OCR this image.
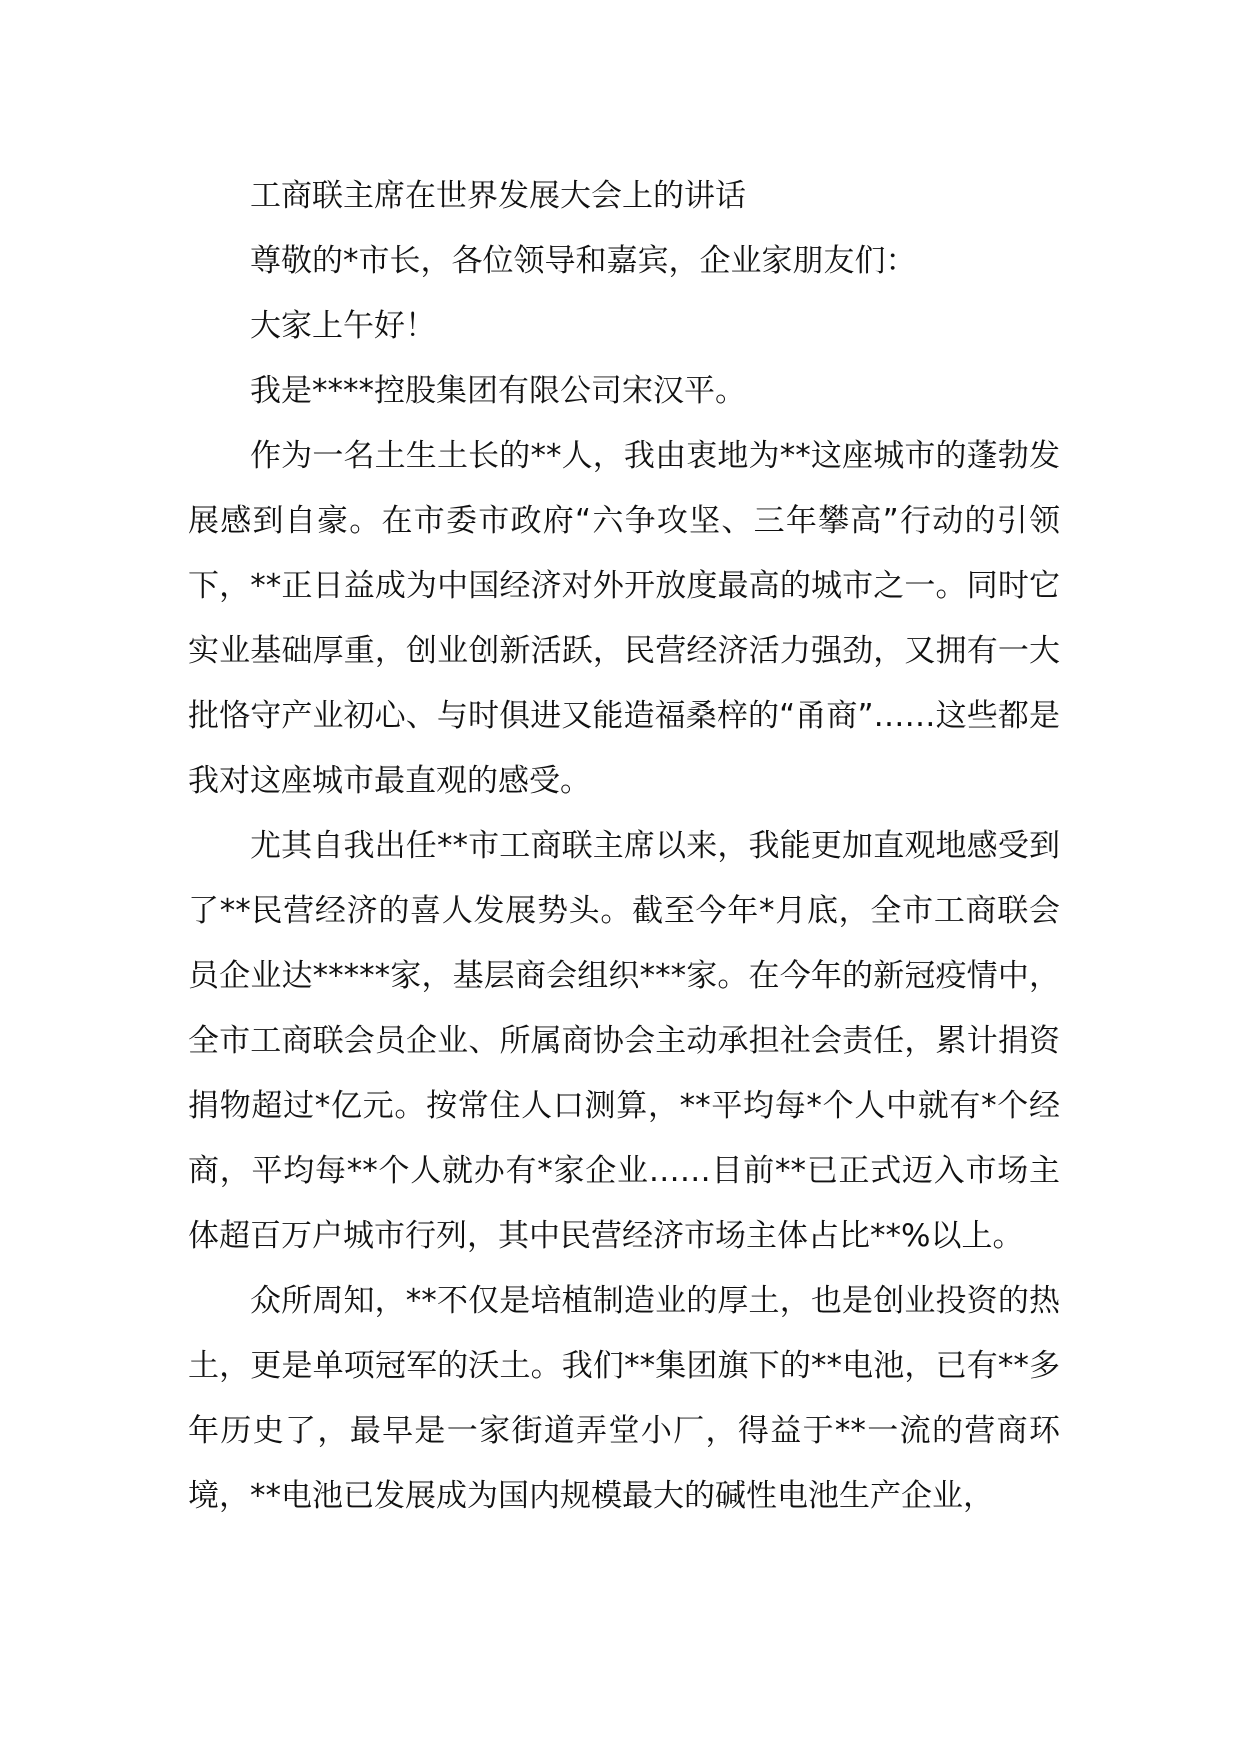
工商联主席在世界发展大会上的讲话

尊敬的*市长，各位领导和嘉宾，企业家朋友们：

大家上午好！

我是****控股集团有限公司宋汉平。

作为一名土生土长的**人，我由衷地为**这座城市的蓬勃发展感到自豪。在市委市政府“六争攻坚、三年攀高”行动的引领下，**正日益成为中国经济对外开放度最高的城市之一。同时它实业基础厚重，创业创新活跃，民营经济活力强劲，又拥有一大批恪守产业初心、与时俱进又能造福桑梓的“甬商”……这些都是我对这座城市最直观的感受。

尤其自我出任**市工商联主席以来，我能更加直观地感受到了**民营经济的喜人发展势头。截至今年*月底，全市工商联会员企业达*****家，基层商会组织***家。在今年的新冠疫情中，全市工商联会员企业、所属商协会主动承担社会责任，累计捐资捐物超过*亿元。按常住人口测算，**平均每*个人中就有*个经商，平均每**个人就办有*家企业……目前**已正式迈入市场主体超百万户城市行列，其中民营经济市场主体占比**%以上。

众所周知，**不仅是培植制造业的厚土，也是创业投资的热土，更是单项冠军的沃土。我们**集团旗下的**电池，已有**多年历史了，最早是一家街道弄堂小厂，得益于**一流的营商环境，**电池已发展成为国内规模最大的碱性电池生产企业，
